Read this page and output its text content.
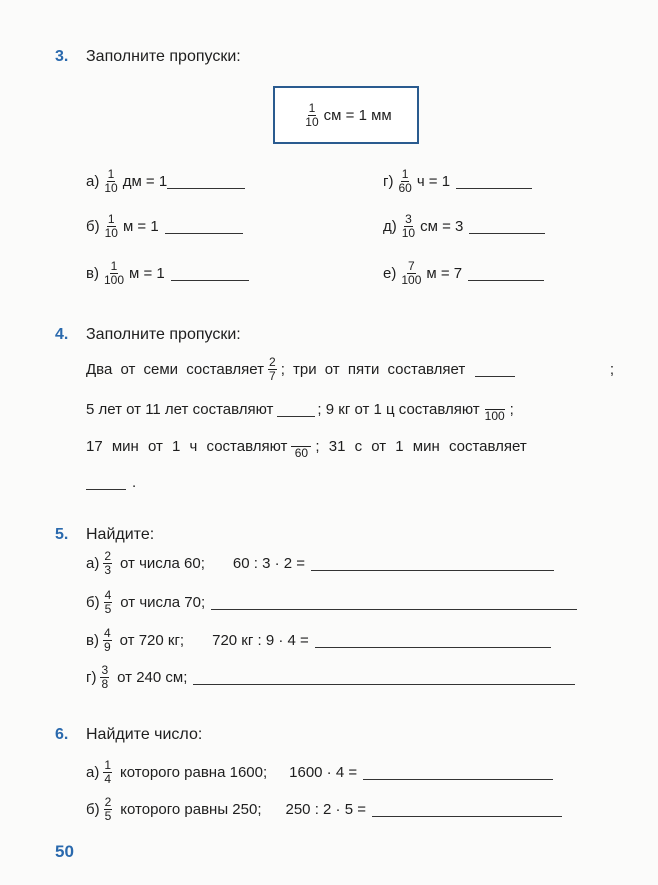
3. Заполните пропуски:
$\frac{1}{10}$ см = 1 мм
$а) \frac{1}{10}$ дм = 1
$б) \frac{1}{10}$ м = 1
$в) \frac{1}{100}$ м = 1
$г) \frac{1}{60}$ ч = 1
$д) \frac{3}{10}$ см = 3
$е) \frac{7}{100}$ м = 7
4. Заполните пропуски:
Два от семи составляет $\frac{2}{7}$ ; три от пяти составляет	;
5 лет от 11 лет составляют	; 9 кг от 1 ц составляют 100 ;
17 мин от 1 ч составляют 60 ; 31 с от 1 мин составляет
.
5. Найдите:
$а) \frac{2}{3}$ от числа 60; 60 : 3 · 2 =
$б) \frac{4}{5}$ от числа 70;
$в) \frac{4}{9}$ от 720 кг; 720 кг : 9 · 4 =
$г) \frac{3}{8}$ от 240 см;
6. Найдите число:
$а) \frac{1}{4}$ которого равна 1600; 1600 · 4 =
$б) \frac{2}{5}$ которого равны 250; 250 : 2 · 5 =
50
